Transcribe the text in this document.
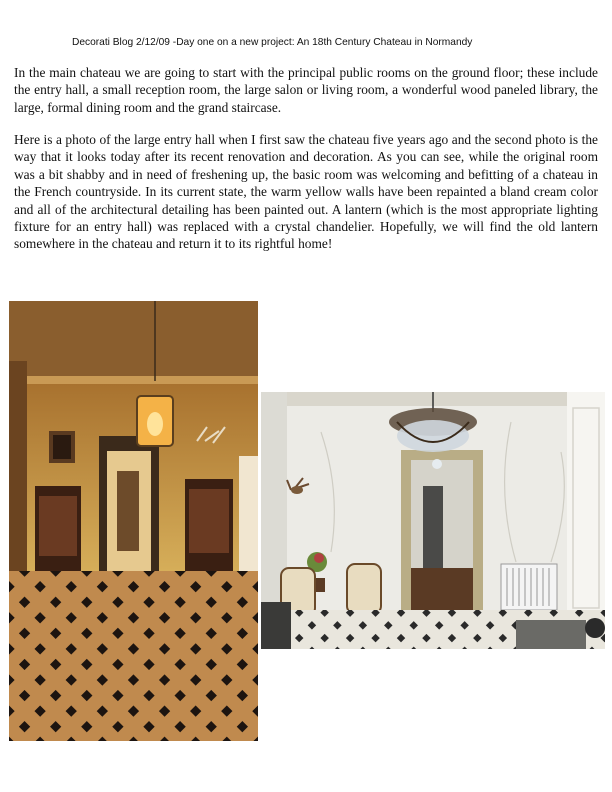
Decorati Blog 2/12/09 -Day one on a new project: An 18th Century Chateau in Normandy

In the main chateau we are going to start with the principal public rooms on the ground floor; these include the entry hall, a small reception room, the large salon or living room, a wonderful wood paneled library, the large, formal dining room and the grand staircase.

Here is a photo of the large entry hall when I first saw the chateau five years ago and the second photo is the way that it looks today after its recent renovation and decoration. As you can see, while the original room was a bit shabby and in need of freshening up, the basic room was welcoming and befitting of a chateau in the French countryside. In its current state, the warm yellow walls have been repainted a bland cream color and all of the architectural detailing has been painted out. A lantern (which is the most appropriate lighting fixture for an entry hall) was replaced with a crystal chandelier. Hopefully, we will find the old lantern somewhere in the chateau and return it to its rightful home!
